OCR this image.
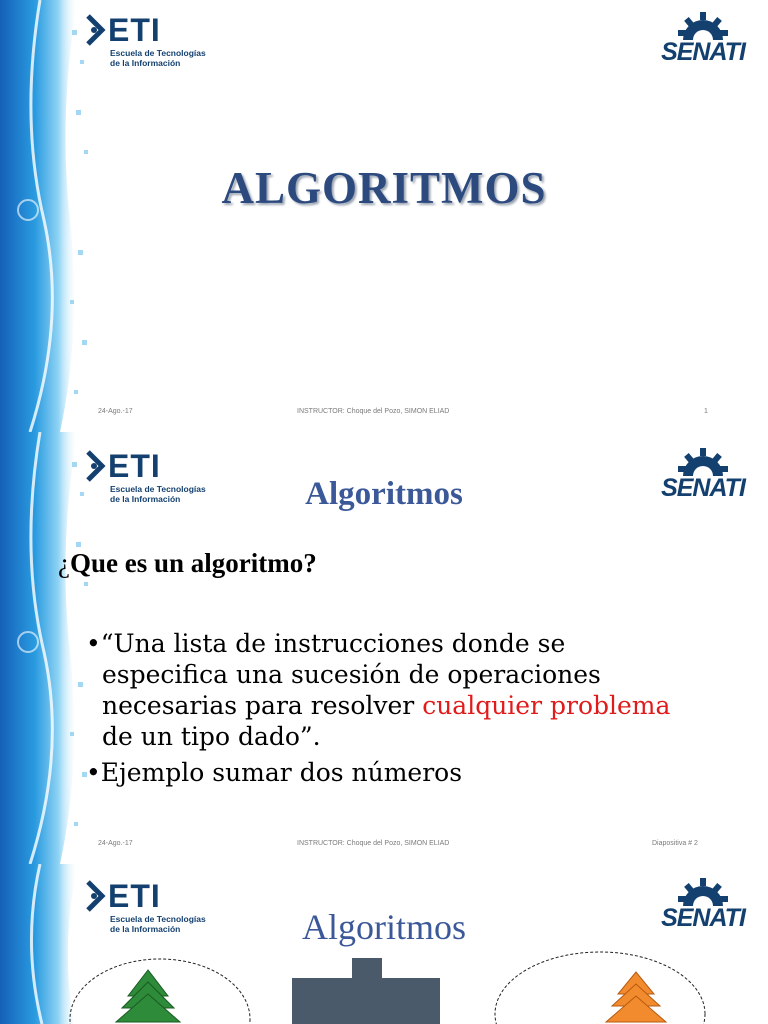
ETI
Escuela de Tecnologías
de la Información	SENATI
ALGORITMOS
24-Ago.-17	INSTRUCTOR: Choque del Pozo, SIMON ELIAD	1
ETI
Escuela de Tecnologías
de la Información	SENATI
Algoritmos
¿Que es un algoritmo?
•“Una lista de instrucciones donde se
especifica una sucesión de operaciones necesarias para resolver cualquier problema de un tipo dado”.
•Ejemplo sumar dos números
24-Ago.-17	INSTRUCTOR: Choque del Pozo, SIMON ELIAD	Diapositiva # 2
ETI
Escuela de Tecnologías
de la Información	SENATI
Algoritmos
